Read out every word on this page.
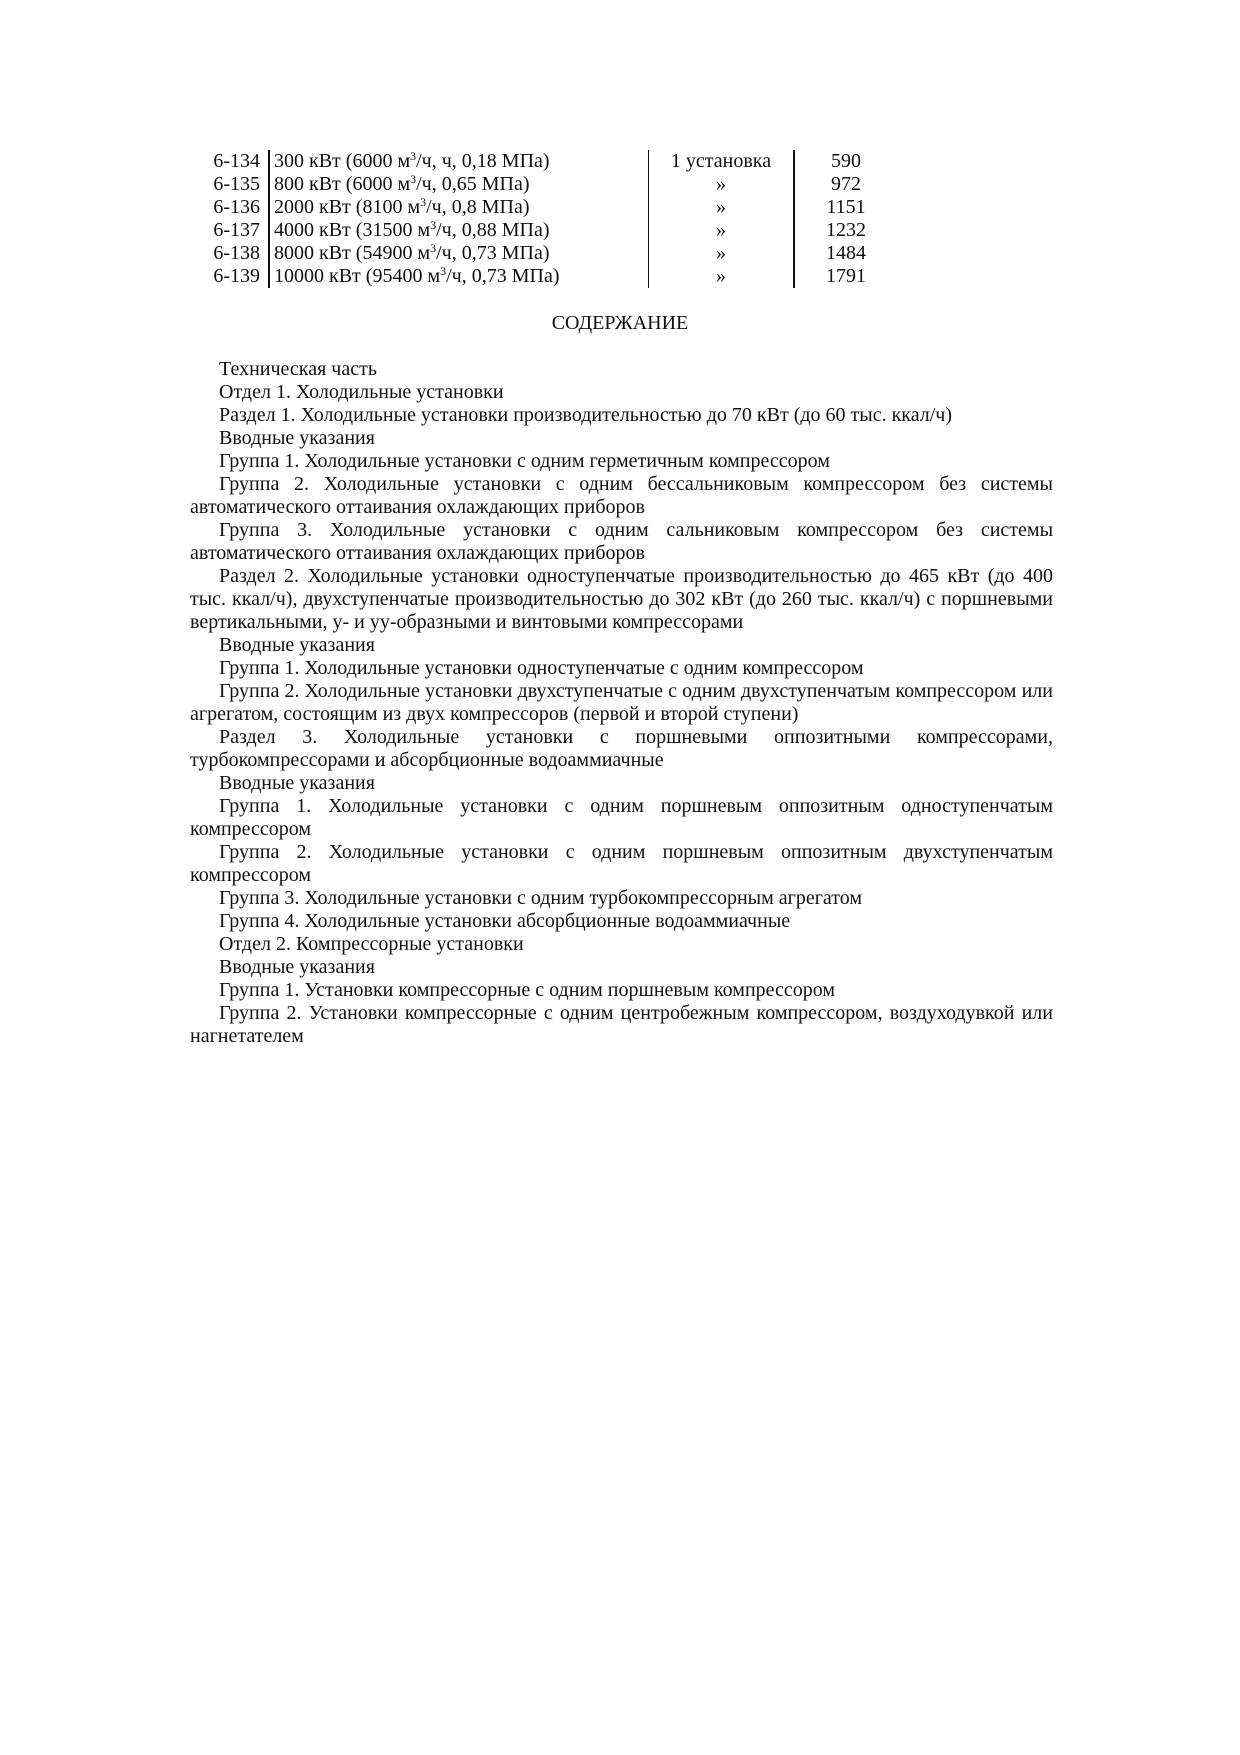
6-134	300 кВт (6000 $м^3/ч$, ч, 0,18 МПа)	1 установка	590
6-135	800 кВт (6000 $м^3/ч$, 0,65 МПа)	»	972
6-136	2000 кВт (8100 $м^3/ч$, 0,8 МПа)	»	1151
6-137	4000 кВт (31500 $м^3/ч$, 0,88 МПа)	»	1232
6-138	8000 кВт (54900 $м^3/ч$, 0,73 МПа)	»	1484
6-139	10000 кВт (95400 $м^3/ч$, 0,73 МПа)	»	1791
СОДЕРЖАНИЕ

Техническая часть

Отдел 1. Холодильные установки

Раздел 1. Холодильные установки производительностью до 70 кВт (до 60 тыс. ккал/ч)

Вводные указания

Группа 1. Холодильные установки с одним герметичным компрессором

Группа 2. Холодильные установки с одним бессальниковым компрессором без системы автоматического оттаивания охлаждающих приборов

Группа 3. Холодильные установки с одним сальниковым компрессором без системы автоматического оттаивания охлаждающих приборов

Раздел 2. Холодильные установки одноступенчатые производительностью до 465 кВт (до 400 тыс. ккал/ч), двухступенчатые производительностью до 302 кВт (до 260 тыс. ккал/ч) с поршневыми вертикальными, у- и уу-образными и винтовыми компрессорами

Вводные указания

Группа 1. Холодильные установки одноступенчатые с одним компрессором

Группа 2. Холодильные установки двухступенчатые с одним двухступенчатым компрессором или агрегатом, состоящим из двух компрессоров (первой и второй ступени)

Раздел 3. Холодильные установки с поршневыми оппозитными компрессорами, турбокомпрессорами и абсорбционные водоаммиачные

Вводные указания

Группа 1. Холодильные установки с одним поршневым оппозитным одноступенчатым компрессором

Группа 2. Холодильные установки с одним поршневым оппозитным двухступенчатым компрессором

Группа 3. Холодильные установки с одним турбокомпрессорным агрегатом

Группа 4. Холодильные установки абсорбционные водоаммиачные

Отдел 2. Компрессорные установки

Вводные указания

Группа 1. Установки компрессорные с одним поршневым компрессором

Группа 2. Установки компрессорные с одним центробежным компрессором, воздуходувкой или нагнетателем
